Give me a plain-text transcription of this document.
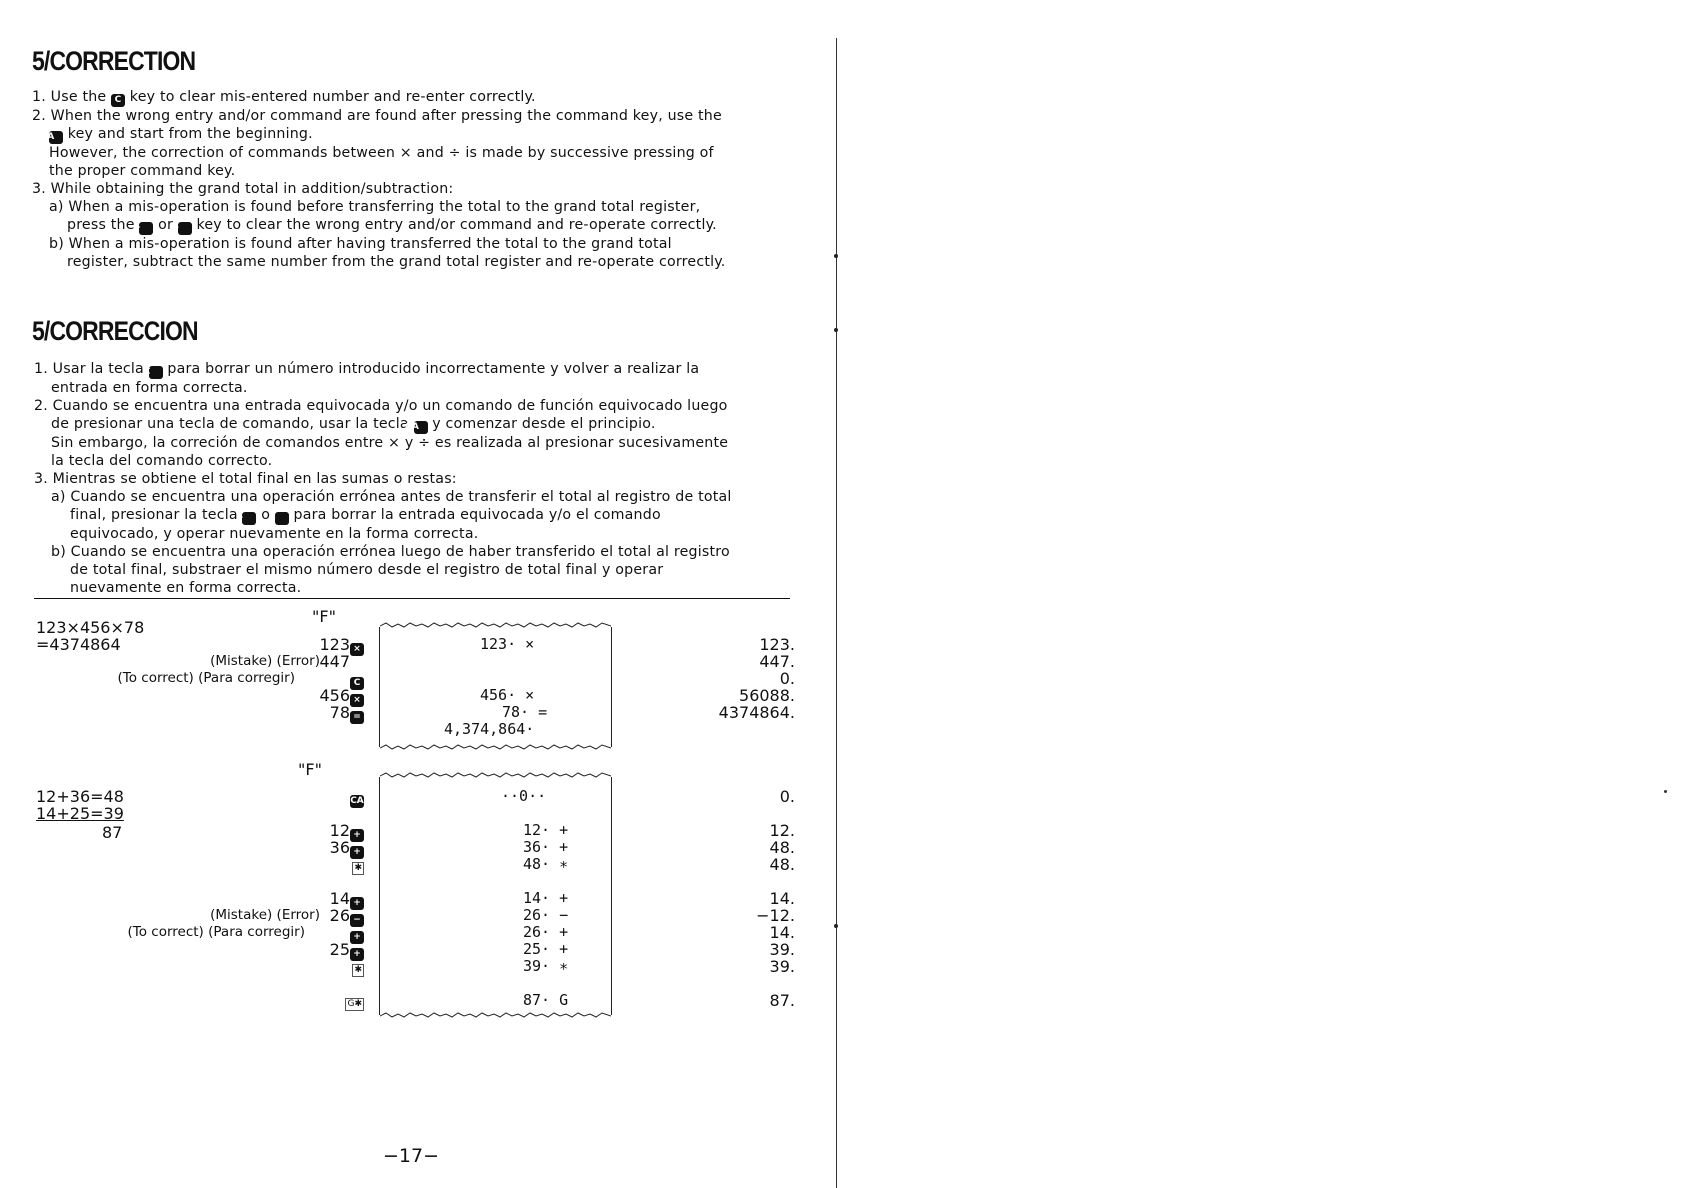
5/CORRECTION
1. Use the C key to clear mis-entered number and re-enter correctly.
2. When the wrong entry and/or command are found after pressing the command key, use the CA key and start from the beginning.
However, the correction of commands between × and ÷ is made by successive pressing of the proper command key.
3. While obtaining the grand total in addition/subtraction:
a) When a mis-operation is found before transferring the total to the grand total register, press the + or − key to clear the wrong entry and/or command and re-operate correctly.
b) When a mis-operation is found after having transferred the total to the grand total register, subtract the same number from the grand total register and re-operate correctly.
5/CORRECCION
1. Usar la tecla C para borrar un número introducido incorrectamente y volver a realizar la entrada en forma correcta.
2. Cuando se encuentra una entrada equivocada y/o un comando de función equivocado luego de presionar una tecla de comando, usar la tecla CA y comenzar desde el principio.
Sin embargo, la correción de comandos entre × y ÷ es realizada al presionar sucesivamente la tecla del comando correcto.
3. Mientras se obtiene el total final en las sumas o restas:
a) Cuando se encuentra una operación errónea antes de transferir el total al registro de total final, presionar la tecla + o − para borrar la entrada equivocada y/o el comando equivocado, y operar nuevamente en la forma correcta.
b) Cuando se encuentra una operación errónea luego de haber transferido el total al registro de total final, substraer el mismo número desde el registro de total final y operar nuevamente en forma correcta.
"F"
123×456×78
=4374864
(Mistake) (Error)
(To correct) (Para corregir)
123 ×
447
C
456 ×
78 =
123· ×
456· ×
78· =
4,374,864·
123.
447.
0.
56088.
4374864.
"F"
12+36=48
14+25=39
87
CA
12 +
36 +
✱
14 +
26 −
+
25 +
✱
G✱
(Mistake) (Error)
(To correct) (Para corregir)
··0··
12· +
36· +
48· ∗
14· +
26· −
26· +
25· +
39· ∗
87· G
0.
12.
48.
48.
14.
−12.
14.
39.
39.
87.
−17−
